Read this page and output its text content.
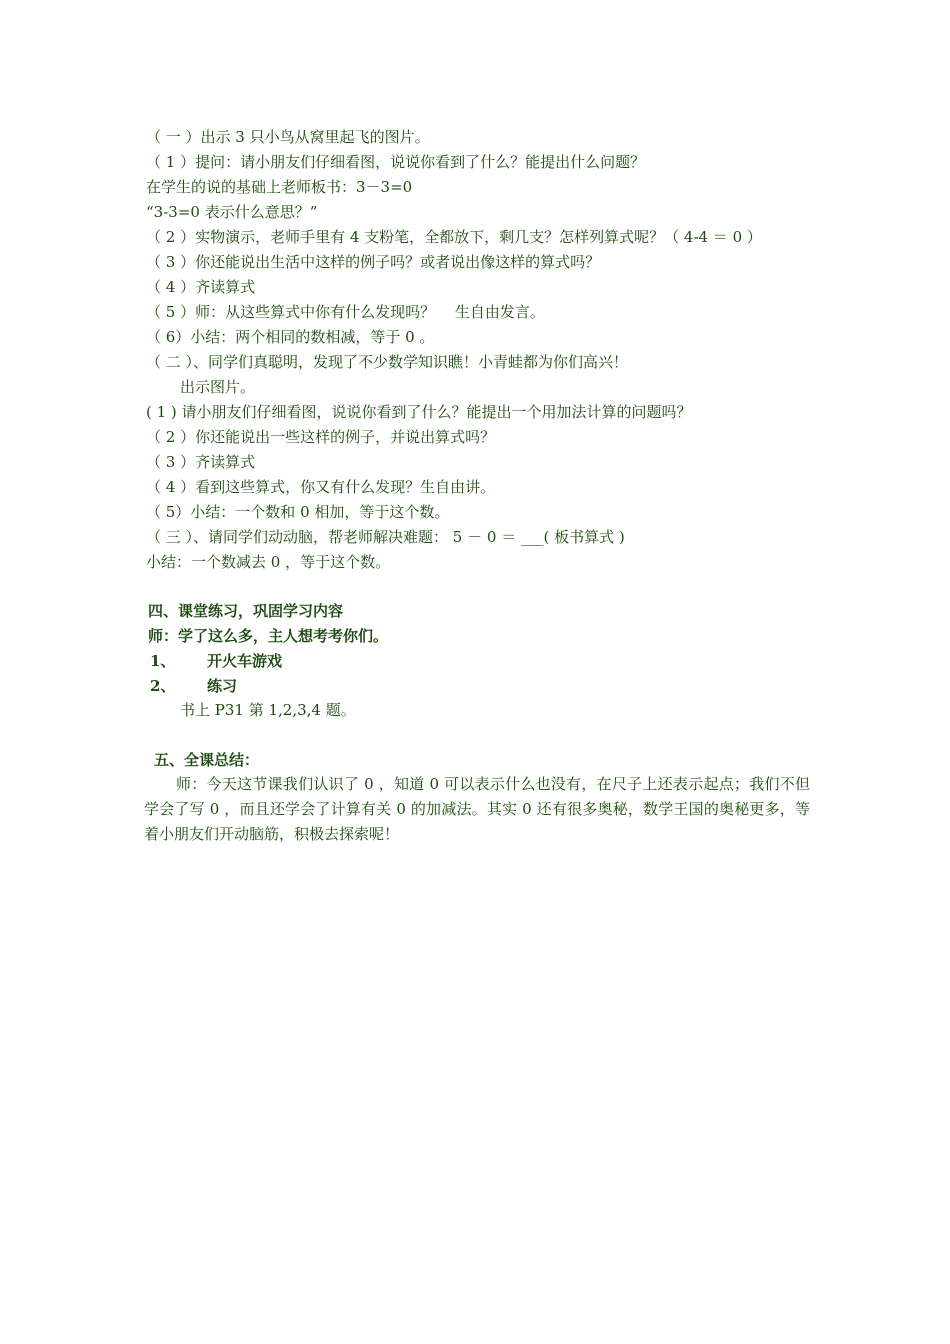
（ 一 ）出示 3 只小鸟从窝里起飞的图片。
（ 1 ）提问：请小朋友们仔细看图，说说你看到了什么？能提出什么问题？
在学生的说的基础上老师板书：3－3=0
“3-3=0 表示什么意思？”
（ 2 ）实物演示，老师手里有 4 支粉笔，全都放下，剩几支？怎样列算式呢？（ 4-4 ＝ 0 ）
（ 3 ）你还能说出生活中这样的例子吗？或者说出像这样的算式吗？
（ 4 ）齐读算式
（ 5 ）师：从这些算式中你有什么发现吗？　 生自由发言。
（ 6）小结：两个相同的数相减，等于 0 。
（ 二 ）、同学们真聪明，发现了不少数学知识瞧！小青蛙都为你们高兴！
出示图片。
( 1 ) 请小朋友们仔细看图，说说你看到了什么？能提出一个用加法计算的问题吗？
（ 2 ）你还能说出一些这样的例子，并说出算式吗？
（ 3 ）齐读算式
（ 4 ）看到这些算式，你又有什么发现？生自由讲。
（ 5）小结：一个数和 0 相加，等于这个数。
（ 三 ）、请同学们动动脑，帮老师解决难题： 5 － 0 ＝ ___( 板书算式 )
小结：一个数减去 0 ，等于这个数。
四、课堂练习，巩固学习内容
师：学了这么多，主人想考考你们。
1、 开火车游戏
2、 练习
书上 P31 第 1,2,3,4 题。
五、全课总结：

师：今天这节课我们认识了 0 ，知道 0 可以表示什么也没有，在尺子上还表示起点；我们不但学会了写 0 ，而且还学会了计算有关 0 的加减法。其实 0 还有很多奥秘，数学王国的奥秘更多，等着小朋友们开动脑筋，积极去探索呢！
